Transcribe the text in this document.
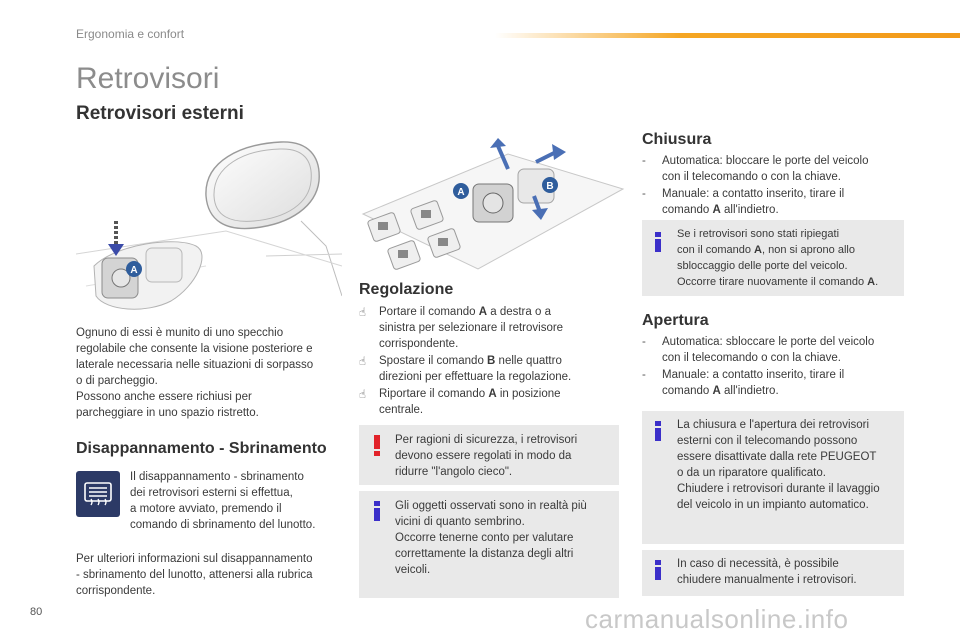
Ergonomia e confort
Retrovisori
Retrovisori esterni
A
Ognuno di essi è munito di uno specchio
regolabile che consente la visione posteriore e
laterale necessaria nelle situazioni di sorpasso
o di parcheggio.
Possono anche essere richiusi per
parcheggiare in uno spazio ristretto.
Disappannamento - Sbrinamento
Il disappannamento - sbrinamento
dei retrovisori esterni si effettua,
a motore avviato, premendo il
comando di sbrinamento del lunotto.
Per ulteriori informazioni sul disappannamento
- sbrinamento del lunotto, attenersi alla rubrica
corrispondente.
A
B
Regolazione
☝	Portare il comando A a destra o a
sinistra per selezionare il retrovisore
corrispondente.
☝	Spostare il comando B nelle quattro
direzioni per effettuare la regolazione.
☝	Riportare il comando A in posizione
centrale.
Per ragioni di sicurezza, i retrovisori
devono essere regolati in modo da
ridurre "l'angolo cieco".
Gli oggetti osservati sono in realtà più
vicini di quanto sembrino.
Occorre tenerne conto per valutare
correttamente la distanza degli altri
veicoli.
Chiusura
-	Automatica: bloccare le porte del veicolo
con il telecomando o con la chiave.
-	Manuale: a contatto inserito, tirare il
comando A all'indietro.
Se i retrovisori sono stati ripiegati
con il comando A, non si aprono allo
sbloccaggio delle porte del veicolo.
Occorre tirare nuovamente il comando A.
Apertura
-	Automatica: sbloccare le porte del veicolo
con il telecomando o con la chiave.
-	Manuale: a contatto inserito, tirare il
comando A all'indietro.
La chiusura e l'apertura dei retrovisori
esterni con il telecomando possono
essere disattivate dalla rete PEUGEOT
o da un riparatore qualificato.
Chiudere i retrovisori durante il lavaggio
del veicolo in un impianto automatico.
In caso di necessità, è possibile
chiudere manualmente i retrovisori.
80	carmanualsonline.info
